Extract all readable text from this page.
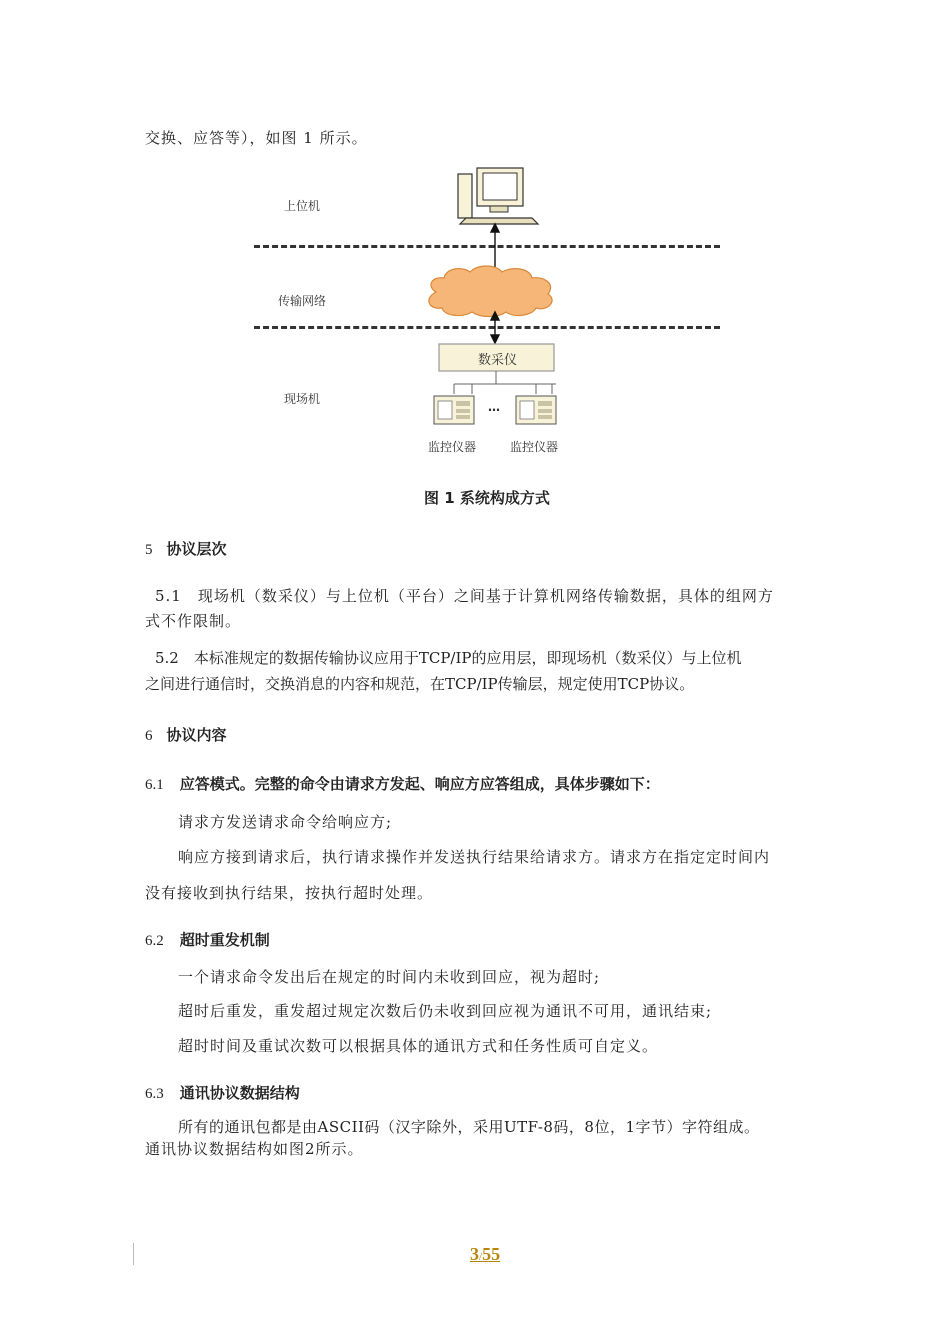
交换、应答等），如图 1 所示。
上位机
传输网络
现场机
数采仪
…
监控仪器	监控仪器
图 1 系统构成方式
5 协议层次
5.1　现场机（数采仪）与上位机（平台）之间基于计算机网络传输数据，具体的组网方
式不作限制。
5.2　本标准规定的数据传输协议应用于TCP/IP的应用层，即现场机（数采仪）与上位机
之间进行通信时，交换消息的内容和规范，在TCP/IP传输层，规定使用TCP协议。
6 协议内容
6.1 应答模式。完整的命令由请求方发起、响应方应答组成，具体步骤如下：
请求方发送请求命令给响应方;
响应方接到请求后，执行请求操作并发送执行结果给请求方。请求方在指定定时间内
没有接收到执行结果，按执行超时处理。
6.2 超时重发机制
一个请求命令发出后在规定的时间内未收到回应，视为超时;
超时后重发，重发超过规定次数后仍未收到回应视为通讯不可用，通讯结束;
超时时间及重试次数可以根据具体的通讯方式和任务性质可自定义。
6.3 通讯协议数据结构
所有的通讯包都是由ASCII码（汉字除外，采用UTF-8码，8位，1字节）字符组成。
通讯协议数据结构如图2所示。
3/55
